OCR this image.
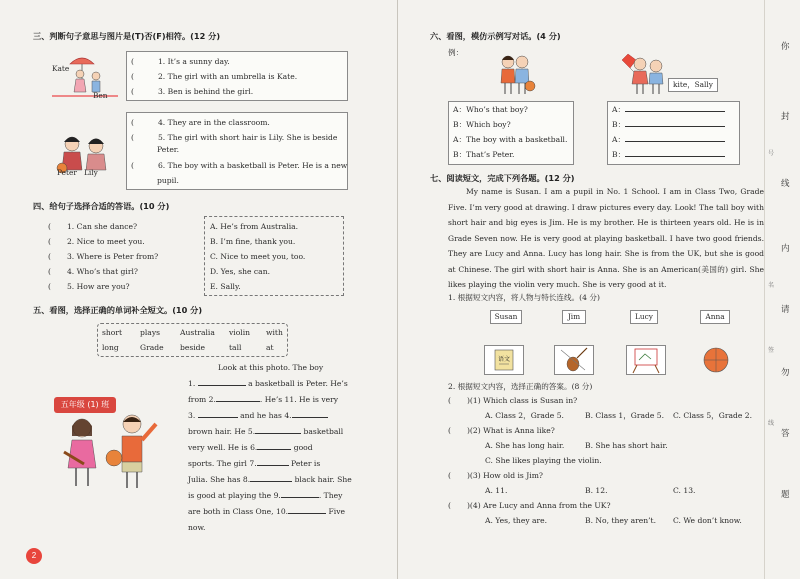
三、判断句子意思与图片是(T)否(F)相符。(12 分)
Kate
Ben
(	1. It’s a sunny day.
(	2. The girl with an umbrella is Kate.
(	3. Ben is behind the girl.
Peter Lily
(	4. They are in the classroom.
(	5. The girl with short hair is Lily. She is beside
Peter.
(	6. The boy with a basketball is Peter. He is a new
pupil.
四、给句子选择合适的答语。(10 分)
( 1. Can she dance?
( 2. Nice to meet you.
( 3. Where is Peter from?
( 4. Who’s that girl?
( 5. How are you?
A. He’s from Australia.
B. I’m fine, thank you.
C. Nice to meet you, too.
D. Yes, she can.
E. Sally.
五、看图，选择正确的单词补全短文。(10 分)
short plays	Australia violin with
long	Grade beside	tall	at
五年级 (1) 班
Look at this photo. The boy
1.	a basketball is Peter. He’s
from 2.	. He’s 11. He is very
3.	and he has 4.
brown hair. He 5.	basketball
very well. He is 6.	good
sports. The girl 7.	Peter is
Julia. She has 8.	black hair. She
is good at playing the 9.	. They
are both in Class One, 10.	Five
now.
2
六、看图，模仿示例写对话。(4 分)
例：
kite，Sally
A：Who’s that boy?
B：Which boy?
A：The boy with a basketball.
B：That’s Peter.
A：
B：
A：
B：
七、阅读短文，完成下列各题。(12 分)
My name is Susan. I am a pupil in No. 1 School. I am in Class Two, Grade Five. I’m very good at drawing. I draw pictures every day. Look! The tall boy with short hair and big eyes is Jim. He is my brother. He is thirteen years old. He is in Grade Seven now. He is very good at playing basketball. I have two good friends. They are Lucy and Anna. Lucy has long hair. She is from the UK, but she is good at Chinese. The girl with short hair is Anna. She is an American(美国的) girl. She likes playing the violin very much. She is very good at it.
1. 根据短文内容，将人物与特长连线。(4 分)
Susan	Jim	Lucy	Anna
语文
2. 根据短文内容，选择正确的答案。(8 分)
( )(1) Which class is Susan in?
A. Class 2，Grade 5.	B. Class 1，Grade 5. C. Class 5，Grade 2.
( )(2) What is Anna like?
A. She has long hair.	B. She has short hair.
C. She likes playing the violin.
( )(3) How old is Jim?
A. 11.	B. 12.	C. 13.
( )(4) Are Lucy and Anna from the UK?
A. Yes, they are.	B. No, they aren’t. C. We don’t know.
你
封
线
内
请
勿
答
题
号
名
签
线
